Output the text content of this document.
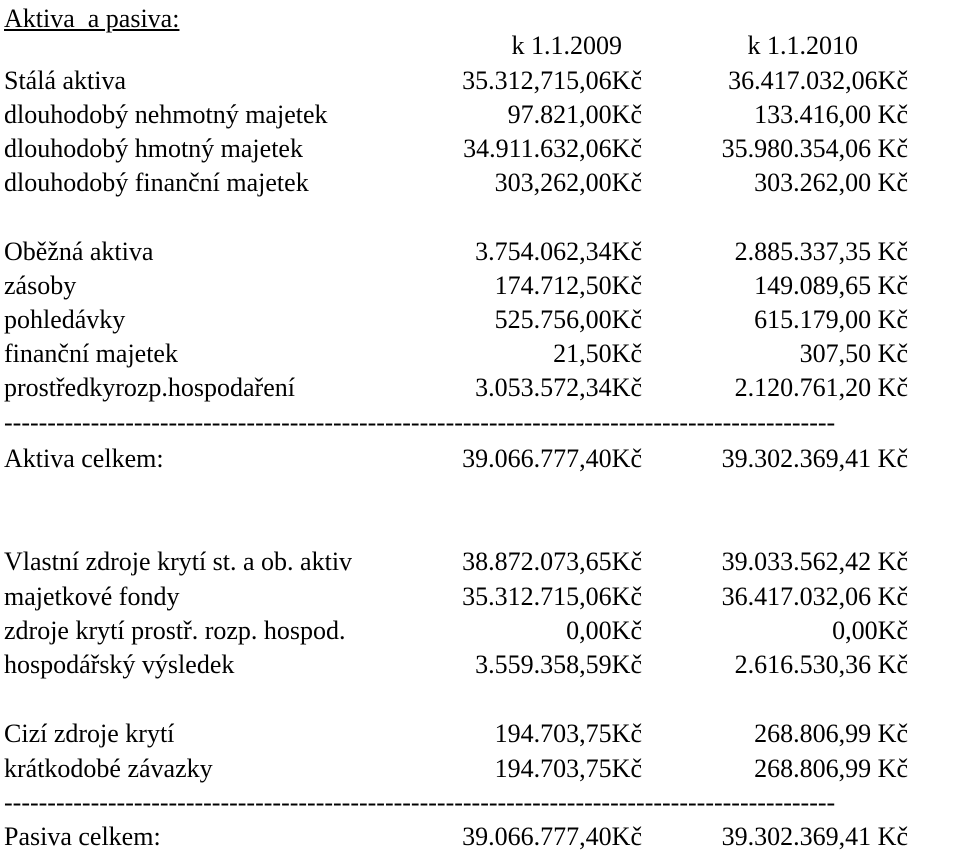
Aktiva  a pasiva:
k 1.1.2009	k 1.1.2010
Stálá aktiva	35.312,715,06Kč	36.417.032,06Kč
dlouhodobý nehmotný majetek	97.821,00Kč	133.416,00 Kč
dlouhodobý hmotný majetek	34.911.632,06Kč	35.980.354,06 Kč
dlouhodobý finanční majetek	303,262,00Kč	303.262,00 Kč
Oběžná aktiva	3.754.062,34Kč	2.885.337,35 Kč
zásoby	174.712,50Kč	149.089,65 Kč
pohledávky	525.756,00Kč	615.179,00 Kč
finanční majetek	21,50Kč	307,50 Kč
prostředkyrozp.hospodaření	3.053.572,34Kč	2.120.761,20 Kč
------------------------------------------------------------------------------------------------
Aktiva celkem:	39.066.777,40Kč	39.302.369,41 Kč
Vlastní zdroje krytí st. a ob. aktiv	38.872.073,65Kč	39.033.562,42 Kč
majetkové fondy	35.312.715,06Kč	36.417.032,06 Kč
zdroje krytí prostř. rozp. hospod.	0,00Kč	0,00Kč
hospodářský výsledek	3.559.358,59Kč	2.616.530,36 Kč
Cizí zdroje krytí	194.703,75Kč	268.806,99 Kč
krátkodobé závazky	194.703,75Kč	268.806,99 Kč
------------------------------------------------------------------------------------------------
Pasiva celkem:	39.066.777,40Kč	39.302.369,41 Kč
